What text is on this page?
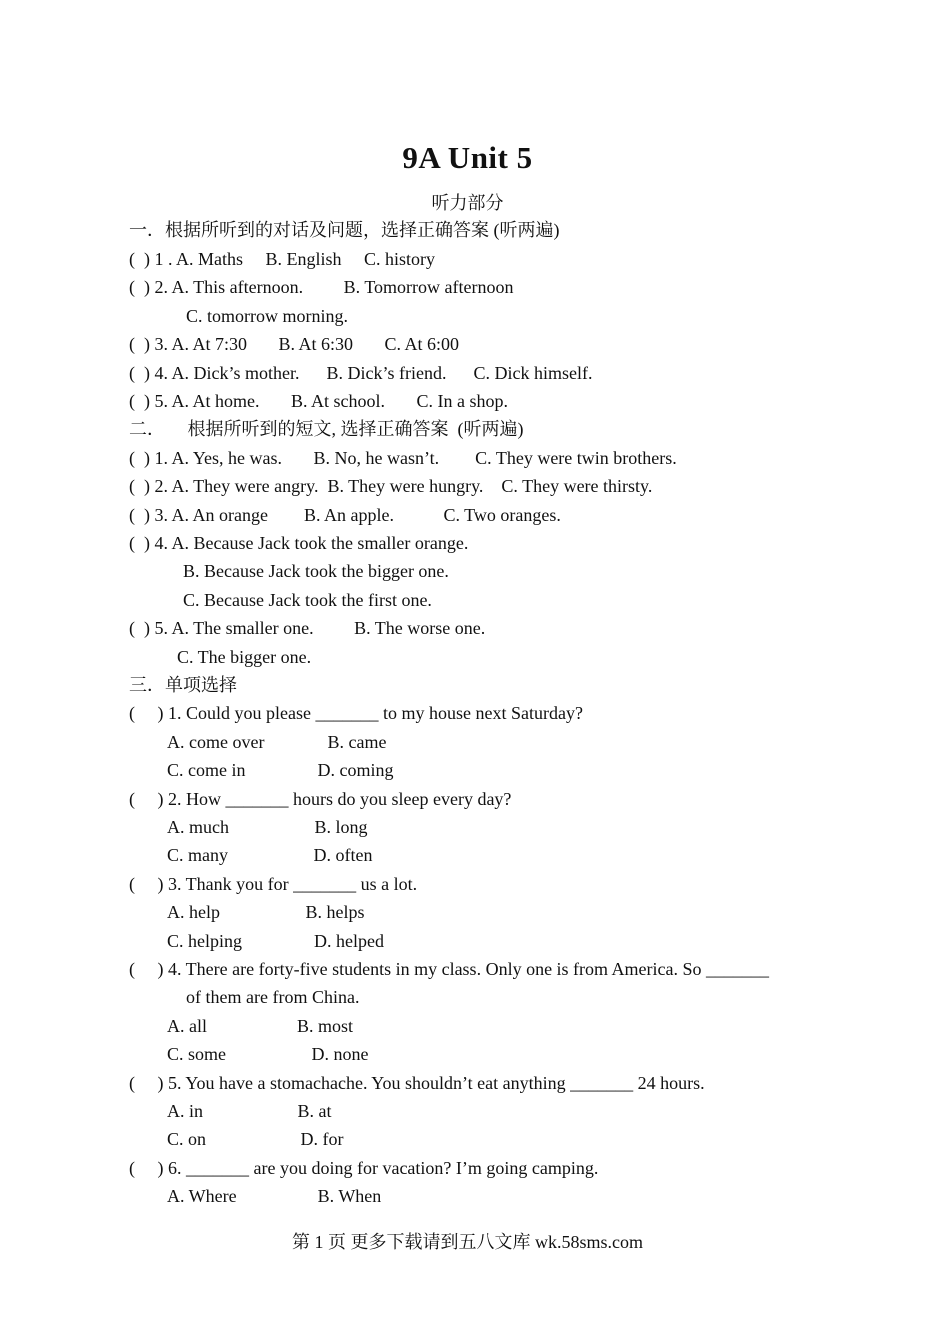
9A Unit 5
听力部分
一．根据所听到的对话及问题，选择正确答案 (听两遍)
(  ) 1 . A. Maths     B. English     C. history
(  ) 2. A. This afternoon.         B. Tomorrow afternoon
C. tomorrow morning.
(  ) 3. A. At 7:30       B. At 6:30       C. At 6:00
(  ) 4. A. Dick’s mother.      B. Dick’s friend.      C. Dick himself.
(  ) 5. A. At home.       B. At school.       C. In a shop.
二．     根据所听到的短文, 选择正确答案  (听两遍)
(  ) 1. A. Yes, he was.       B. No, he wasn’t.        C. They were twin brothers.
(  ) 2. A. They were angry.  B. They were hungry.    C. They were thirsty.
(  ) 3. A. An orange        B. An apple.           C. Two oranges.
(  ) 4. A. Because Jack took the smaller orange.
B. Because Jack took the bigger one.
C. Because Jack took the first one.
(  ) 5. A. The smaller one.         B. The worse one.
C. The bigger one.
三．单项选择
(     ) 1. Could you please _______ to my house next Saturday?
A. come over              B. came
C. come in                D. coming
(     ) 2. How _______ hours do you sleep every day?
A. much                   B. long
C. many                   D. often
(     ) 3. Thank you for _______ us a lot.
A. help                   B. helps
C. helping                D. helped
(     ) 4. There are forty-five students in my class. Only one is from America. So _______
of them are from China.
A. all                    B. most
C. some                   D. none
(     ) 5. You have a stomachache. You shouldn’t eat anything _______ 24 hours.
A. in                     B. at
C. on                     D. for
(     ) 6. _______ are you doing for vacation? I’m going camping.
A. Where                  B. When
第 1 页 更多下载请到五八文库 wk.58sms.com
